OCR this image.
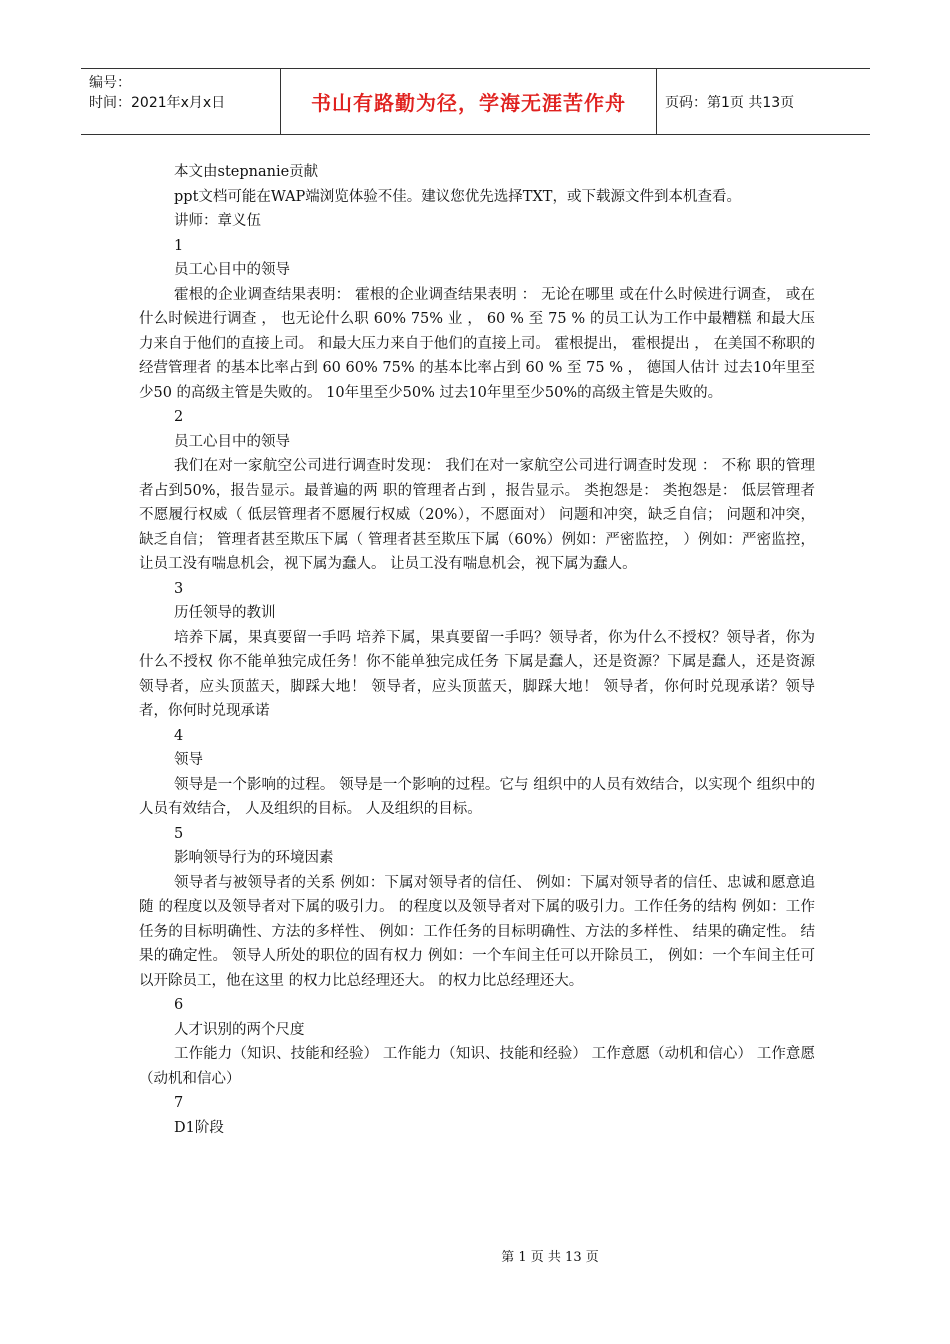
编号：
时间：2021年x月x日	书山有路勤为径，学海无涯苦作舟	页码：第1页 共13页

本文由stepnanie贡献

ppt文档可能在WAP端浏览体验不佳。建议您优先选择TXT，或下载源文件到本机查看。

讲师：章义伍

1

员工心目中的领导

霍根的企业调查结果表明： 霍根的企业调查结果表明 ： 无论在哪里 或在什么时候进行调查， 或在什么时候进行调查 ， 也无论什么职 60% 75% 业 ， 60 % 至 75 % 的员工认为工作中最糟糕 和最大压力来自于他们的直接上司。 和最大压力来自于他们的直接上司。 霍根提出， 霍根提出 ， 在美国不称职的经营管理者 的基本比率占到 60 60% 75% 的基本比率占到 60 % 至 75 % ， 德国人估计 过去10年里至少50 的高级主管是失败的。 10年里至少50% 过去10年里至少50%的高级主管是失败的。

2

员工心目中的领导

我们在对一家航空公司进行调查时发现： 我们在对一家航空公司进行调查时发现 ： 不称 职的管理者占到50%，报告显示。最普遍的两 职的管理者占到 ，报告显示。 类抱怨是： 类抱怨是： 低层管理者不愿履行权威（ 低层管理者不愿履行权威（20%），不愿面对） 问题和冲突，缺乏自信； 问题和冲突，缺乏自信； 管理者甚至欺压下属（ 管理者甚至欺压下属（60%）例如：严密监控， ）例如：严密监控， 让员工没有喘息机会，视下属为蠢人。 让员工没有喘息机会，视下属为蠢人。

3

历任领导的教训

培养下属，果真要留一手吗 培养下属，果真要留一手吗？领导者，你为什么不授权？领导者，你为什么不授权 你不能单独完成任务！你不能单独完成任务 下属是蠢人，还是资源？下属是蠢人，还是资源 领导者，应头顶蓝天，脚踩大地！ 领导者，应头顶蓝天，脚踩大地！ 领导者，你何时兑现承诺？领导者，你何时兑现承诺

4

领导

领导是一个影响的过程。 领导是一个影响的过程。它与 组织中的人员有效结合，以实现个 组织中的人员有效结合， 人及组织的目标。 人及组织的目标。

5

影响领导行为的环境因素

领导者与被领导者的关系 例如：下属对领导者的信任、 例如：下属对领导者的信任、忠诚和愿意追随 的程度以及领导者对下属的吸引力。 的程度以及领导者对下属的吸引力。工作任务的结构 例如：工作任务的目标明确性、方法的多样性、 例如：工作任务的目标明确性、方法的多样性、 结果的确定性。 结果的确定性。 领导人所处的职位的固有权力 例如：一个车间主任可以开除员工， 例如：一个车间主任可以开除员工，他在这里 的权力比总经理还大。 的权力比总经理还大。

6

人才识别的两个尺度

工作能力（知识、技能和经验） 工作能力（知识、技能和经验） 工作意愿（动机和信心） 工作意愿（动机和信心）

7

D1阶段

第 1 页 共 13 页
